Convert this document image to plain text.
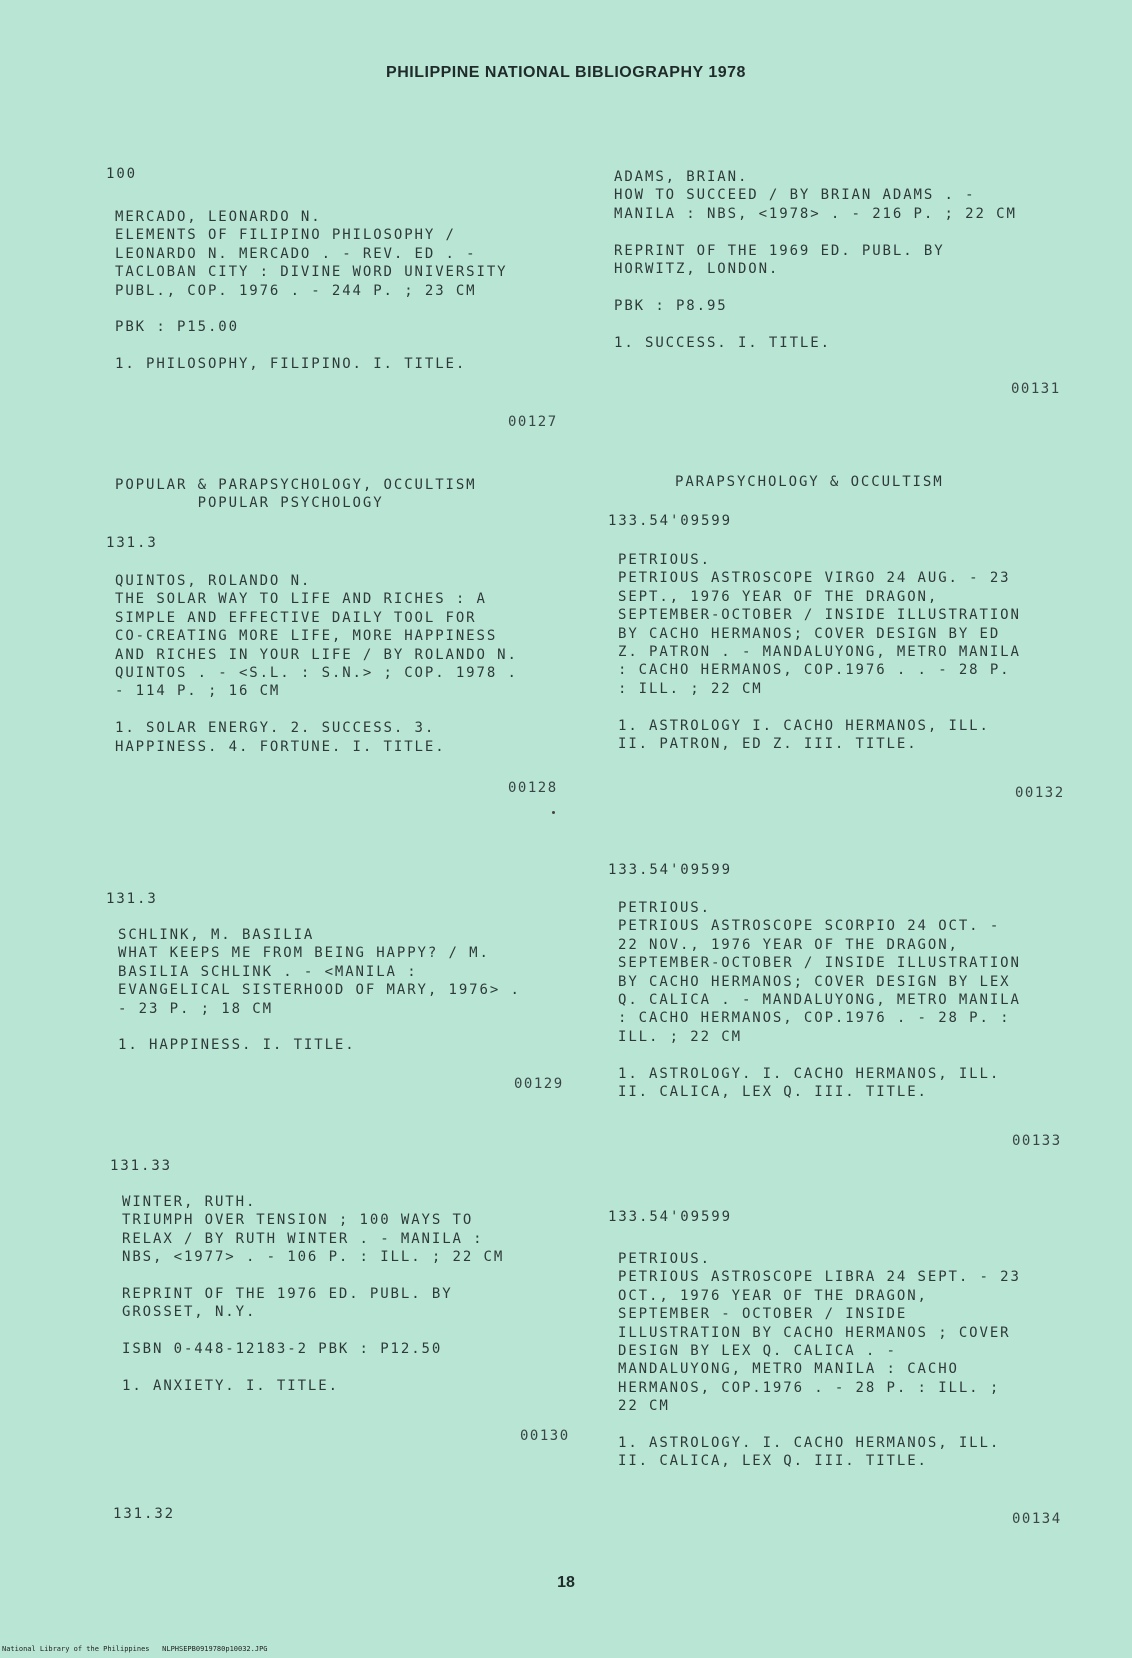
PHILIPPINE NATIONAL BIBLIOGRAPHY 1978
100
MERCADO, LEONARDO N.
ELEMENTS OF FILIPINO PHILOSOPHY /
LEONARDO N. MERCADO . - REV. ED . -
TACLOBAN CITY : DIVINE WORD UNIVERSITY
PUBL., COP. 1976 . - 244 P. ; 23 CM

PBK : P15.00

1. PHILOSOPHY, FILIPINO. I. TITLE.
00127
POPULAR & PARAPSYCHOLOGY, OCCULTISM
POPULAR PSYCHOLOGY
131.3
QUINTOS, ROLANDO N.
THE SOLAR WAY TO LIFE AND RICHES : A
SIMPLE AND EFFECTIVE DAILY TOOL FOR
CO-CREATING MORE LIFE, MORE HAPPINESS
AND RICHES IN YOUR LIFE / BY ROLANDO N.
QUINTOS . - <S.L. : S.N.> ; COP. 1978 .
- 114 P. ; 16 CM

1. SOLAR ENERGY. 2. SUCCESS. 3.
HAPPINESS. 4. FORTUNE. I. TITLE.
00128
131.3
SCHLINK, M. BASILIA
WHAT KEEPS ME FROM BEING HAPPY? / M.
BASILIA SCHLINK . - <MANILA :
EVANGELICAL SISTERHOOD OF MARY, 1976> .
- 23 P. ; 18 CM

1. HAPPINESS. I. TITLE.
00129
131.33
WINTER, RUTH.
TRIUMPH OVER TENSION ; 100 WAYS TO
RELAX / BY RUTH WINTER . - MANILA :
NBS, <1977> . - 106 P. : ILL. ; 22 CM

REPRINT OF THE 1976 ED. PUBL. BY
GROSSET, N.Y.

ISBN 0-448-12183-2 PBK : P12.50

1. ANXIETY. I. TITLE.
00130
131.32
ADAMS, BRIAN.
HOW TO SUCCEED / BY BRIAN ADAMS . -
MANILA : NBS, <1978> . - 216 P. ; 22 CM

REPRINT OF THE 1969 ED. PUBL. BY
HORWITZ, LONDON.

PBK : P8.95

1. SUCCESS. I. TITLE.
00131
PARAPSYCHOLOGY & OCCULTISM
133.54'09599
PETRIOUS.
PETRIOUS ASTROSCOPE VIRGO 24 AUG. - 23
SEPT., 1976 YEAR OF THE DRAGON,
SEPTEMBER-OCTOBER / INSIDE ILLUSTRATION
BY CACHO HERMANOS; COVER DESIGN BY ED
Z. PATRON . - MANDALUYONG, METRO MANILA
: CACHO HERMANOS, COP.1976 . . - 28 P.
: ILL. ; 22 CM

1. ASTROLOGY I. CACHO HERMANOS, ILL.
II. PATRON, ED Z. III. TITLE.
00132
133.54'09599
PETRIOUS.
PETRIOUS ASTROSCOPE SCORPIO 24 OCT. -
22 NOV., 1976 YEAR OF THE DRAGON,
SEPTEMBER-OCTOBER / INSIDE ILLUSTRATION
BY CACHO HERMANOS; COVER DESIGN BY LEX
Q. CALICA . - MANDALUYONG, METRO MANILA
: CACHO HERMANOS, COP.1976 . - 28 P. :
ILL. ; 22 CM

1. ASTROLOGY. I. CACHO HERMANOS, ILL.
II. CALICA, LEX Q. III. TITLE.
00133
133.54'09599
PETRIOUS.
PETRIOUS ASTROSCOPE LIBRA 24 SEPT. - 23
OCT., 1976 YEAR OF THE DRAGON,
SEPTEMBER - OCTOBER / INSIDE
ILLUSTRATION BY CACHO HERMANOS ; COVER
DESIGN BY LEX Q. CALICA . -
MANDALUYONG, METRO MANILA : CACHO
HERMANOS, COP.1976 . - 28 P. : ILL. ;
22 CM

1. ASTROLOGY. I. CACHO HERMANOS, ILL.
II. CALICA, LEX Q. III. TITLE.
00134
18
National Library of the Philippines   NLPHSEPB0919780p10032.JPG
